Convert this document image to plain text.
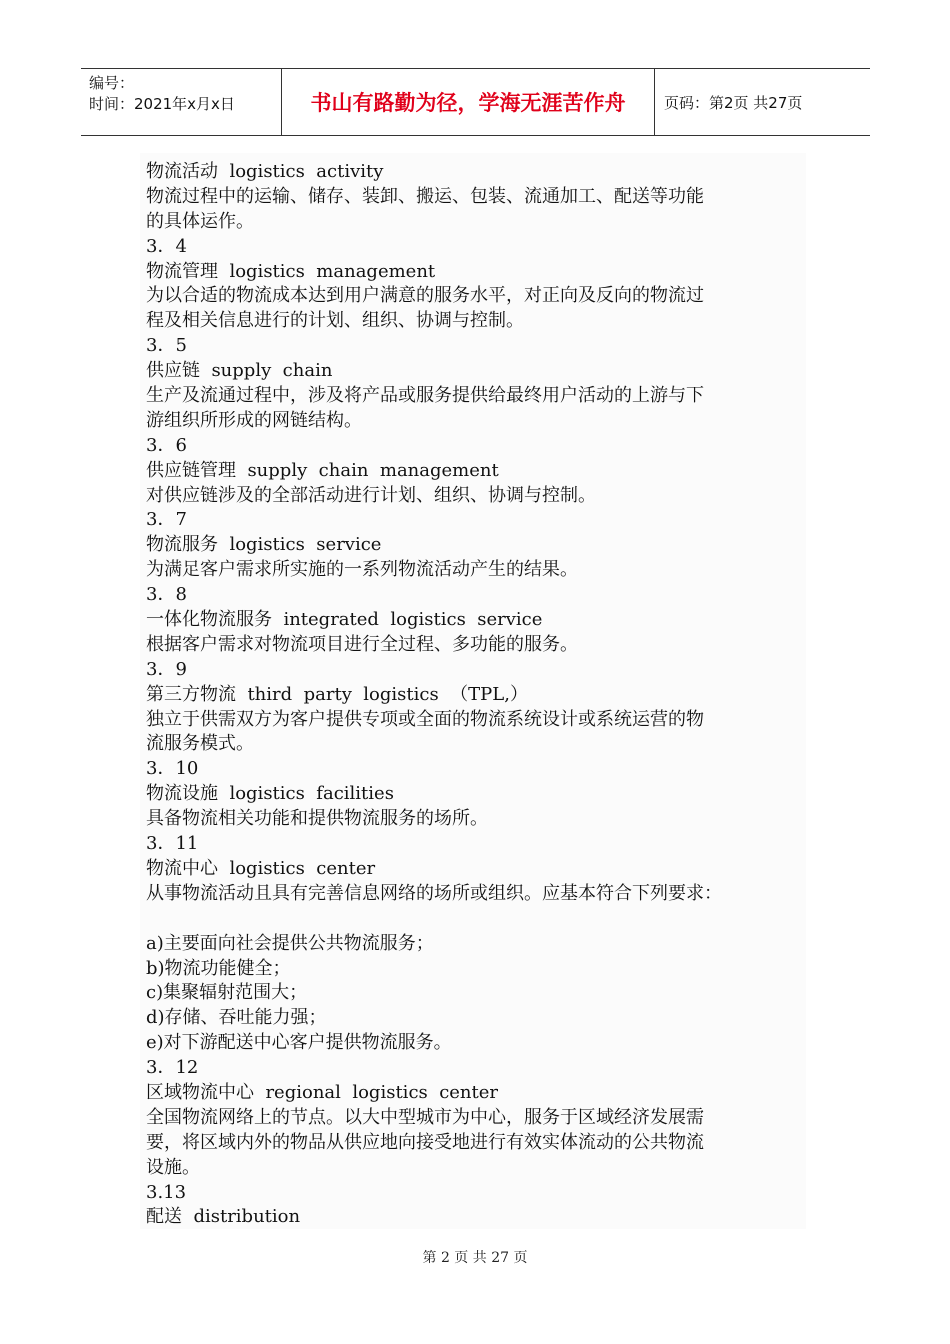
编号：
时间：2021年x月x日	书山有路勤为径，学海无涯苦作舟	页码：第2页 共27页
物流活动  logistics  activity
物流过程中的运输、储存、装卸、搬运、包装、流通加工、配送等功能
的具体运作。
3．4
物流管理  logistics  management
为以合适的物流成本达到用户满意的服务水平，对正向及反向的物流过
程及相关信息进行的计划、组织、协调与控制。
3．5
供应链  supply  chain
生产及流通过程中，涉及将产品或服务提供给最终用户活动的上游与下
游组织所形成的网链结构。
3．6
供应链管理  supply  chain  management
对供应链涉及的全部活动进行计划、组织、协调与控制。
3．7
物流服务  logistics  service
为满足客户需求所实施的一系列物流活动产生的结果。
3．8
一体化物流服务  integrated  logistics  service
根据客户需求对物流项目进行全过程、多功能的服务。
3．9
第三方物流  third  party  logistics  （TPL,）
独立于供需双方为客户提供专项或全面的物流系统设计或系统运营的物
流服务模式。
3．10
物流设施  logistics  facilities
具备物流相关功能和提供物流服务的场所。
3．11
物流中心  logistics  center
从事物流活动且具有完善信息网络的场所或组织。应基本符合下列要求：
a)主要面向社会提供公共物流服务；
b)物流功能健全；
c)集聚辐射范围大；
d)存储、吞吐能力强；
e)对下游配送中心客户提供物流服务。
3．12
区域物流中心  regional  logistics  center
全国物流网络上的节点。以大中型城市为中心，服务于区域经济发展需
要，将区域内外的物品从供应地向接受地进行有效实体流动的公共物流
设施。
3.13
配送  distribution
第 2 页 共 27 页
